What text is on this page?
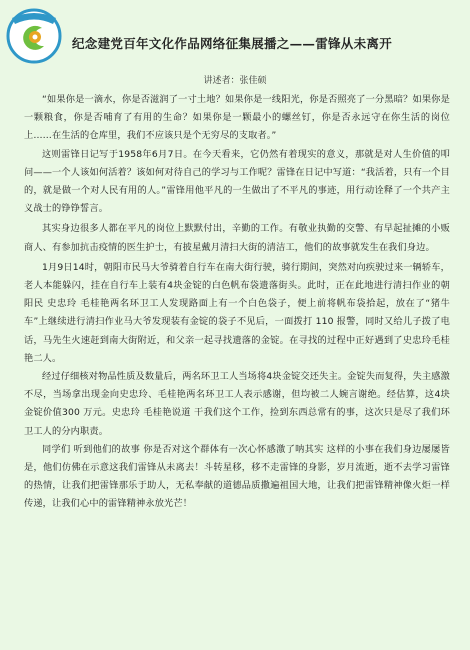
纪念建党百年文化作品网络征集展播之——雷锋从未离开
讲述者：张佳硕

“如果你是一滴水，你是否滋润了一寸土地？如果你是一线阳光，你是否照亮了一分黑暗？如果你是一颗粮食，你是否哺育了有用的生命？如果你是一颗最小的螺丝钉，你是否永远守在你生活的岗位上……在生活的仓库里，我们不应该只是个无穷尽的支取者。”

这则雷锋日记写于1958年6月7日。在今天看来，它仍然有着现实的意义，那就是对人生价值的叩问——一个人该如何活着？该如何对待自己的学习与工作呢？雷锋在日记中写道：“我活着，只有一个目的，就是做一个对人民有用的人。”雷锋用他平凡的一生做出了不平凡的事迹，用行动诠释了一个共产主义战士的铮铮誓言。

其实身边很多人都在平凡的岗位上默默付出，辛勤的工作。有敬业执勤的交警、有早起扯摊的小贩商人、有参加抗击疫情的医生护士，有披星戴月清扫大街的清洁工，他们的故事就发生在我们身边。

1月9日14时，朝阳市民马大爷骑着自行车在南大街行驶，骑行期间，突然对向疾驶过来一辆轿车，老人本能躲闪，挂在自行车上装有4块金锭的白色帆布袋遗落街头。此时，正在此地进行清扫作业的朝阳民 史忠玲 毛桂艳两名环卫工人发现路面上有一个白色袋子，便上前将帆布袋拾起，放在了“猪牛车”上继续进行清扫作业马大爷发现装有金锭的袋子不见后，一面拨打 110 报警，同时又给儿子拨了电话，马先生火速赶到南大街附近，和父亲一起寻找遗落的金锭。在寻找的过程中正好遇到了史忠玲毛桂艳二人。

经过仔细核对物品性质及数量后，两名环卫工人当场将4块金锭交还失主。金锭失而复得，失主感激不尽，当场拿出现金向史忠玲、毛桂艳两名环卫工人表示感谢，但均被二人婉言谢绝。经估算，这4块金锭价值300 万元。史忠玲 毛桂艳说道 干我们这个工作，捡到东西总常有的事，这次只是尽了我们环卫工人的分内职责。

同学们 听到他们的故事 你是否对这个群体有一次心怀感激了呐其实 这样的小事在我们身边屡屡皆是，他们仿佛在示意这我们雷锋从未离去！斗转星移，移不走雷锋的身影，岁月流逝，逝不去学习雷锋的热情，让我们把雷锋那乐于助人，无私奉献的道德品质撒遍祖国大地，让我们把雷锋精神像火炬一样传递，让我们心中的雷锋精神永放光芒！
